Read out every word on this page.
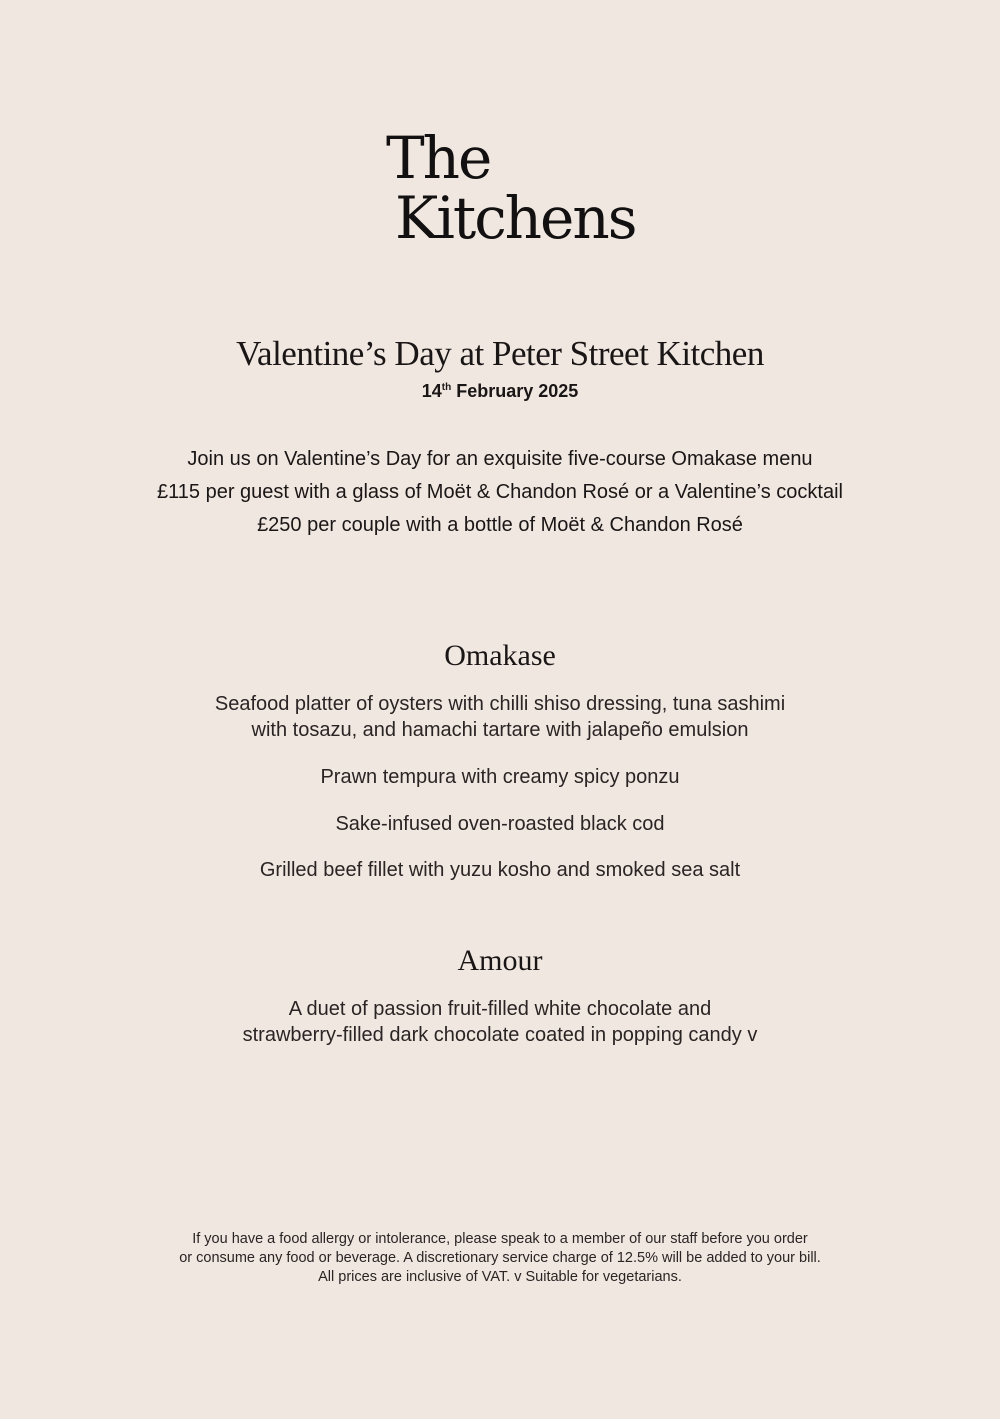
The
Kitchens
Valentine’s Day at Peter Street Kitchen
14th February 2025
Join us on Valentine’s Day for an exquisite five-course Omakase menu
£115 per guest with a glass of Moët & Chandon Rosé or a Valentine’s cocktail
£250 per couple with a bottle of Moët & Chandon Rosé
Omakase
Seafood platter of oysters with chilli shiso dressing, tuna sashimi
with tosazu, and hamachi tartare with jalapeño emulsion
Prawn tempura with creamy spicy ponzu
Sake-infused oven-roasted black cod
Grilled beef fillet with yuzu kosho and smoked sea salt
Amour
A duet of passion fruit-filled white chocolate and
strawberry-filled dark chocolate coated in popping candy v
If you have a food allergy or intolerance, please speak to a member of our staff before you order
or consume any food or beverage. A discretionary service charge of 12.5% will be added to your bill.
All prices are inclusive of VAT. v Suitable for vegetarians.
